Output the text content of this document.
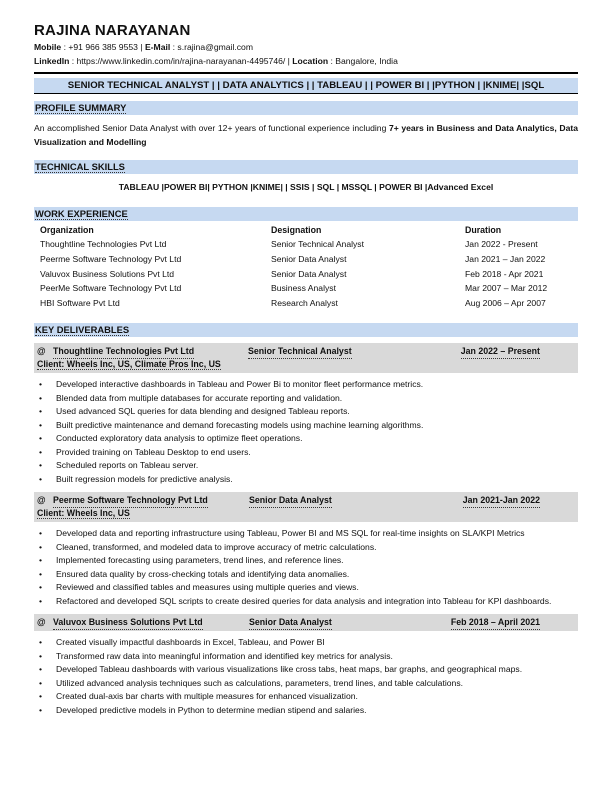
RAJINA NARAYANAN
Mobile : +91 966 385 9553 | E-Mail : s.rajina@gmail.com
LinkedIn : https://www.linkedin.com/in/rajina-narayanan-4495746/ | Location : Bangalore, India
SENIOR TECHNICAL ANALYST | | DATA ANALYTICS | | TABLEAU | | POWER BI | |PYTHON | |KNIME| |SQL
PROFILE SUMMARY
An accomplished Senior Data Analyst with over 12+ years of functional experience including 7+ years in Business and Data Analytics, Data Visualization and Modelling
TECHNICAL SKILLS
TABLEAU |POWER BI| PYTHON |KNIME| | SSIS | SQL | MSSQL | POWER BI |Advanced Excel
WORK EXPERIENCE
Organization	Designation	Duration
Thoughtline Technologies Pvt Ltd	Senior Technical Analyst	Jan 2022 - Present
Peerme Software Technology Pvt Ltd	Senior Data Analyst	Jan 2021 – Jan 2022
Valuvox Business Solutions Pvt Ltd	Senior Data Analyst	Feb 2018 - Apr 2021
PeerMe Software Technology Pvt Ltd	Business Analyst	Mar 2007 – Mar 2012
HBI Software Pvt Ltd	Research Analyst	Aug 2006 – Apr 2007
KEY DELIVERABLES
@ Thoughtline Technologies Pvt Ltd	Senior Technical Analyst	Jan 2022 – Present
Client: Wheels Inc, US, Climate Pros Inc, US
• Developed interactive dashboards in Tableau and Power Bi to monitor fleet performance metrics.
• Blended data from multiple databases for accurate reporting and validation.
• Used advanced SQL queries for data blending and designed Tableau reports.
• Built predictive maintenance and demand forecasting models using machine learning algorithms.
• Conducted exploratory data analysis to optimize fleet operations.
• Provided training on Tableau Desktop to end users.
• Scheduled reports on Tableau server.
• Built regression models for predictive analysis.
@ Peerme Software Technology Pvt Ltd	Senior Data Analyst	Jan 2021-Jan 2022
Client: Wheels Inc, US
• Developed data and reporting infrastructure using Tableau, Power BI and MS SQL for real-time insights on SLA/KPI Metrics
• Cleaned, transformed, and modeled data to improve accuracy of metric calculations.
• Implemented forecasting using parameters, trend lines, and reference lines.
• Ensured data quality by cross-checking totals and identifying data anomalies.
• Reviewed and classified tables and measures using multiple queries and views.
• Refactored and developed SQL scripts to create desired queries for data analysis and integration into Tableau for KPI dashboards.
@ Valuvox Business Solutions Pvt Ltd	Senior Data Analyst	Feb 2018 – April 2021
• Created visually impactful dashboards in Excel, Tableau, and Power BI
• Transformed raw data into meaningful information and identified key metrics for analysis.
• Developed Tableau dashboards with various visualizations like cross tabs, heat maps, bar graphs, and geographical maps.
• Utilized advanced analysis techniques such as calculations, parameters, trend lines, and table calculations.
• Created dual-axis bar charts with multiple measures for enhanced visualization.
• Developed predictive models in Python to determine median stipend and salaries.
